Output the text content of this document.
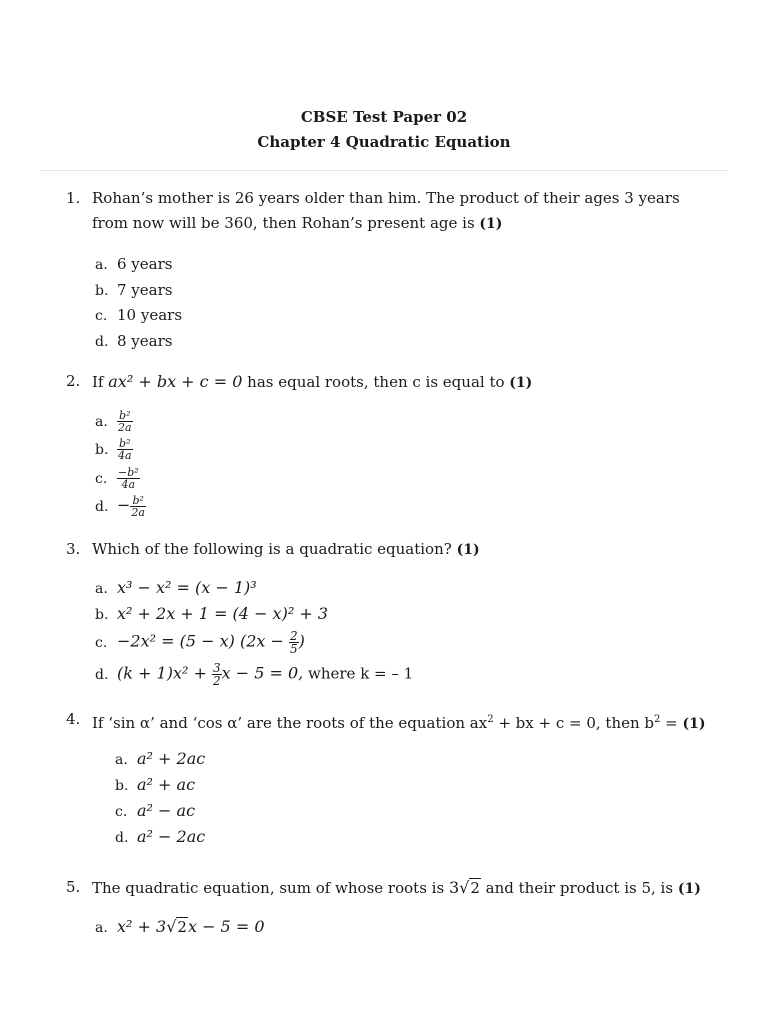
CBSE Test Paper 02
Chapter 4 Quadratic Equation
1. Rohan’s mother is 26 years older than him. The product of their ages 3 years from now will be 360, then Rohan’s present age is (1)
a. 6 years
b. 7 years
c. 10 years
d. 8 years
2. If ax² + bx + c = 0 has equal roots, then c is equal to (1)
a. $\frac{\text{b²}}{2a}$
b. $\frac{\text{b²}}{4a}$
c. $\frac{\text{−b²}}{4a}$
d. − $\frac{\text{b²}}{2a}$
3. Which of the following is a quadratic equation? (1)
a. x³ − x² = (x − 1)³
b. x² + 2x + 1 = (4 − x)² + 3
c. −2x² = (5 − x) ($2x - \frac{2}{5}$ )
d. $(k + 1)x^2 + \frac{3}{2}$ x − 5 = 0, where k = – 1
4. If ‘sin α’ and ‘cos α’ are the roots of the equation $ax^2$ + bx + c = 0, then $b^2 = (1)$
a. a² + 2ac
b. a² + ac
c. a² − ac
d. a² − 2ac
5. The quadratic equation, sum of whose roots is 3√2 and their product is 5, is (1)
a. x² + 3√2x − 5 = 0
